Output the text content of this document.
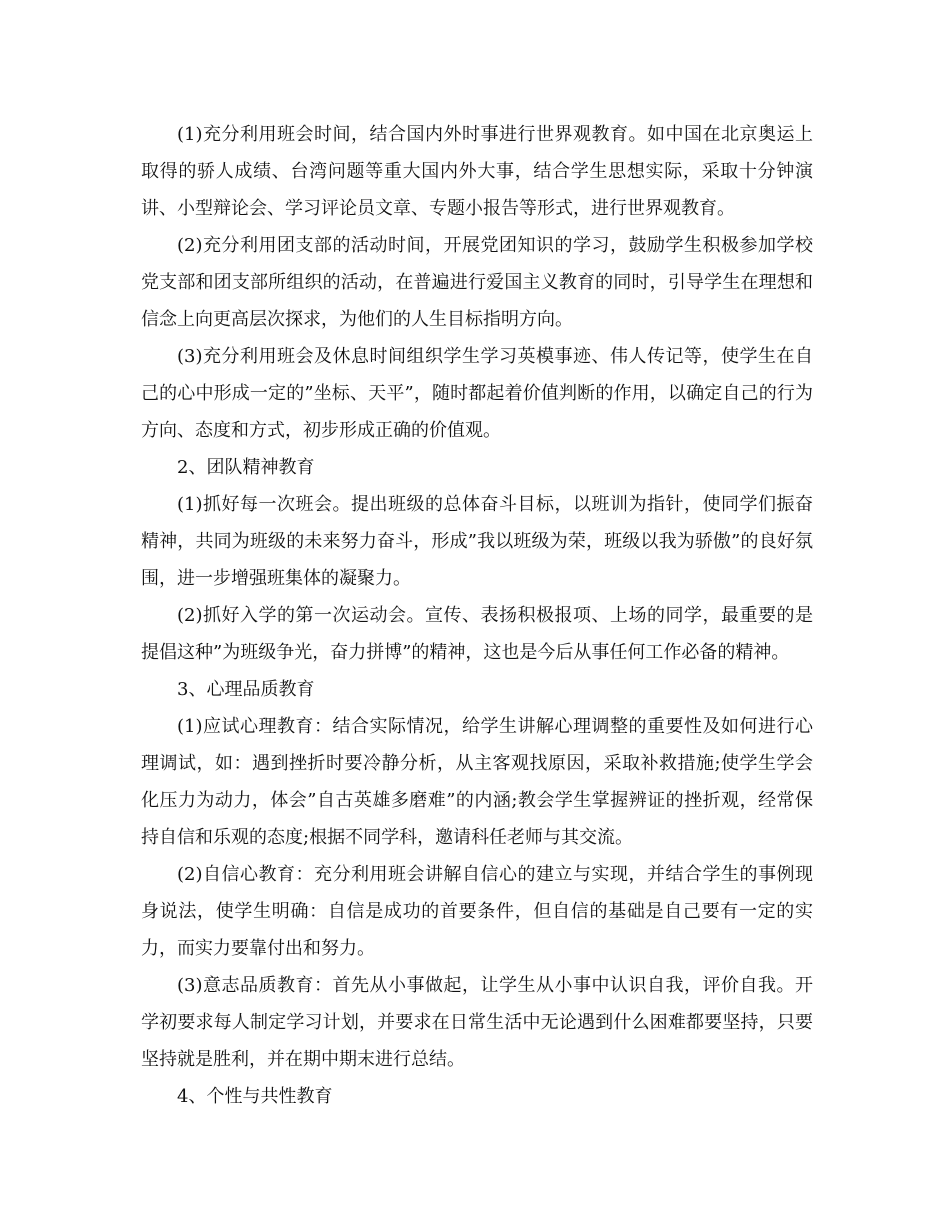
(1)充分利用班会时间，结合国内外时事进行世界观教育。如中国在北京奥运上取得的骄人成绩、台湾问题等重大国内外大事，结合学生思想实际，采取十分钟演讲、小型辩论会、学习评论员文章、专题小报告等形式，进行世界观教育。

(2)充分利用团支部的活动时间，开展党团知识的学习，鼓励学生积极参加学校党支部和团支部所组织的活动，在普遍进行爱国主义教育的同时，引导学生在理想和信念上向更高层次探求，为他们的人生目标指明方向。

(3)充分利用班会及休息时间组织学生学习英模事迹、伟人传记等，使学生在自己的心中形成一定的”坐标、天平”，随时都起着价值判断的作用，以确定自己的行为方向、态度和方式，初步形成正确的价值观。

2、团队精神教育

(1)抓好每一次班会。提出班级的总体奋斗目标，以班训为指针，使同学们振奋精神，共同为班级的未来努力奋斗，形成”我以班级为荣，班级以我为骄傲”的良好氛围，进一步增强班集体的凝聚力。

(2)抓好入学的第一次运动会。宣传、表扬积极报项、上场的同学，最重要的是提倡这种”为班级争光，奋力拼博”的精神，这也是今后从事任何工作必备的精神。

3、心理品质教育

(1)应试心理教育：结合实际情况，给学生讲解心理调整的重要性及如何进行心理调试，如：遇到挫折时要冷静分析，从主客观找原因，采取补救措施;使学生学会化压力为动力，体会”自古英雄多磨难”的内涵;教会学生掌握辨证的挫折观，经常保持自信和乐观的态度;根据不同学科，邀请科任老师与其交流。

(2)自信心教育：充分利用班会讲解自信心的建立与实现，并结合学生的事例现身说法，使学生明确：自信是成功的首要条件，但自信的基础是自己要有一定的实力，而实力要靠付出和努力。

(3)意志品质教育：首先从小事做起，让学生从小事中认识自我，评价自我。开学初要求每人制定学习计划，并要求在日常生活中无论遇到什么困难都要坚持，只要坚持就是胜利，并在期中期末进行总结。

4、个性与共性教育
